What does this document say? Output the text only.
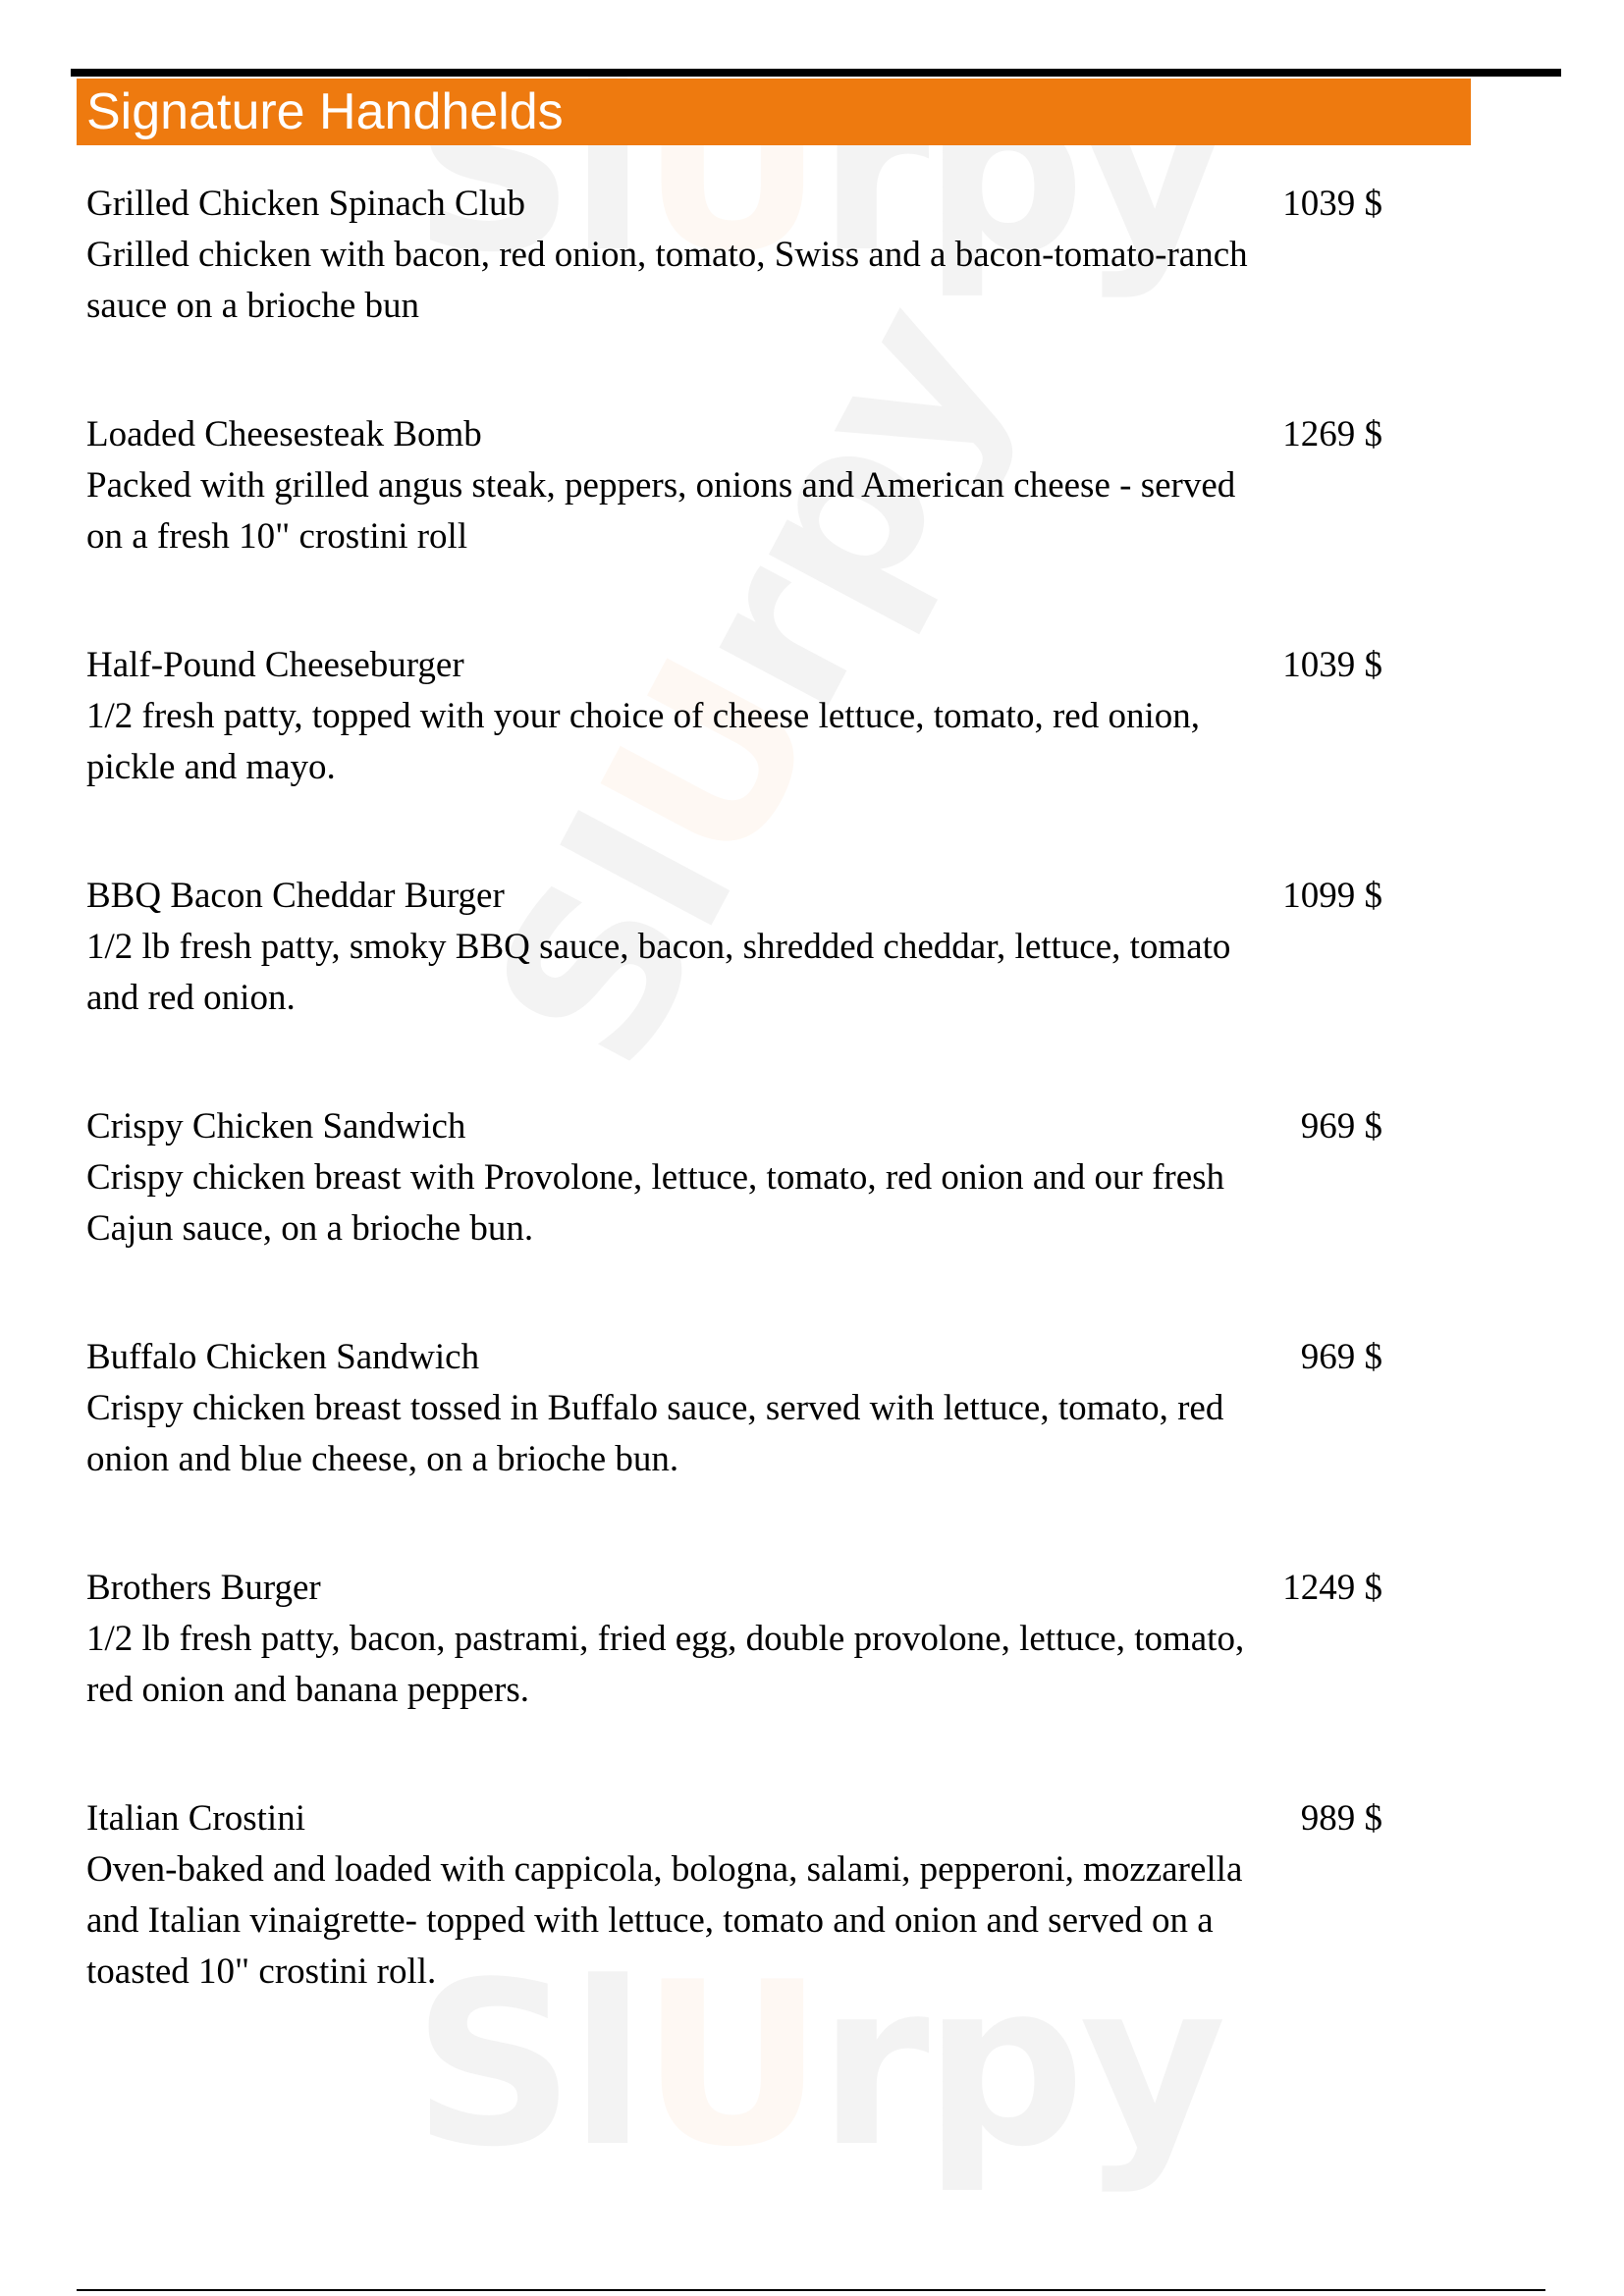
Signature Handhelds
Grilled Chicken Spinach Club
Grilled chicken with bacon, red onion, tomato, Swiss and a bacon-tomato-ranch sauce on a brioche bun
1039 $
Loaded Cheesesteak Bomb
Packed with grilled angus steak, peppers, onions and American cheese - served on a fresh 10" crostini roll
1269 $
Half-Pound Cheeseburger
1/2 fresh patty, topped with your choice of cheese lettuce, tomato, red onion, pickle and mayo.
1039 $
BBQ Bacon Cheddar Burger
1/2 lb fresh patty, smoky BBQ sauce, bacon, shredded cheddar, lettuce, tomato and red onion.
1099 $
Crispy Chicken Sandwich
Crispy chicken breast with Provolone, lettuce, tomato, red onion and our fresh Cajun sauce, on a brioche bun.
969 $
Buffalo Chicken Sandwich
Crispy chicken breast tossed in Buffalo sauce, served with lettuce, tomato, red onion and blue cheese, on a brioche bun.
969 $
Brothers Burger
1/2 lb fresh patty, bacon, pastrami, fried egg, double provolone, lettuce, tomato, red onion and banana peppers.
1249 $
Italian Crostini
Oven-baked and loaded with cappicola, bologna, salami, pepperoni, mozzarella and Italian vinaigrette- topped with lettuce, tomato and onion and served on a toasted 10" crostini roll.
989 $
